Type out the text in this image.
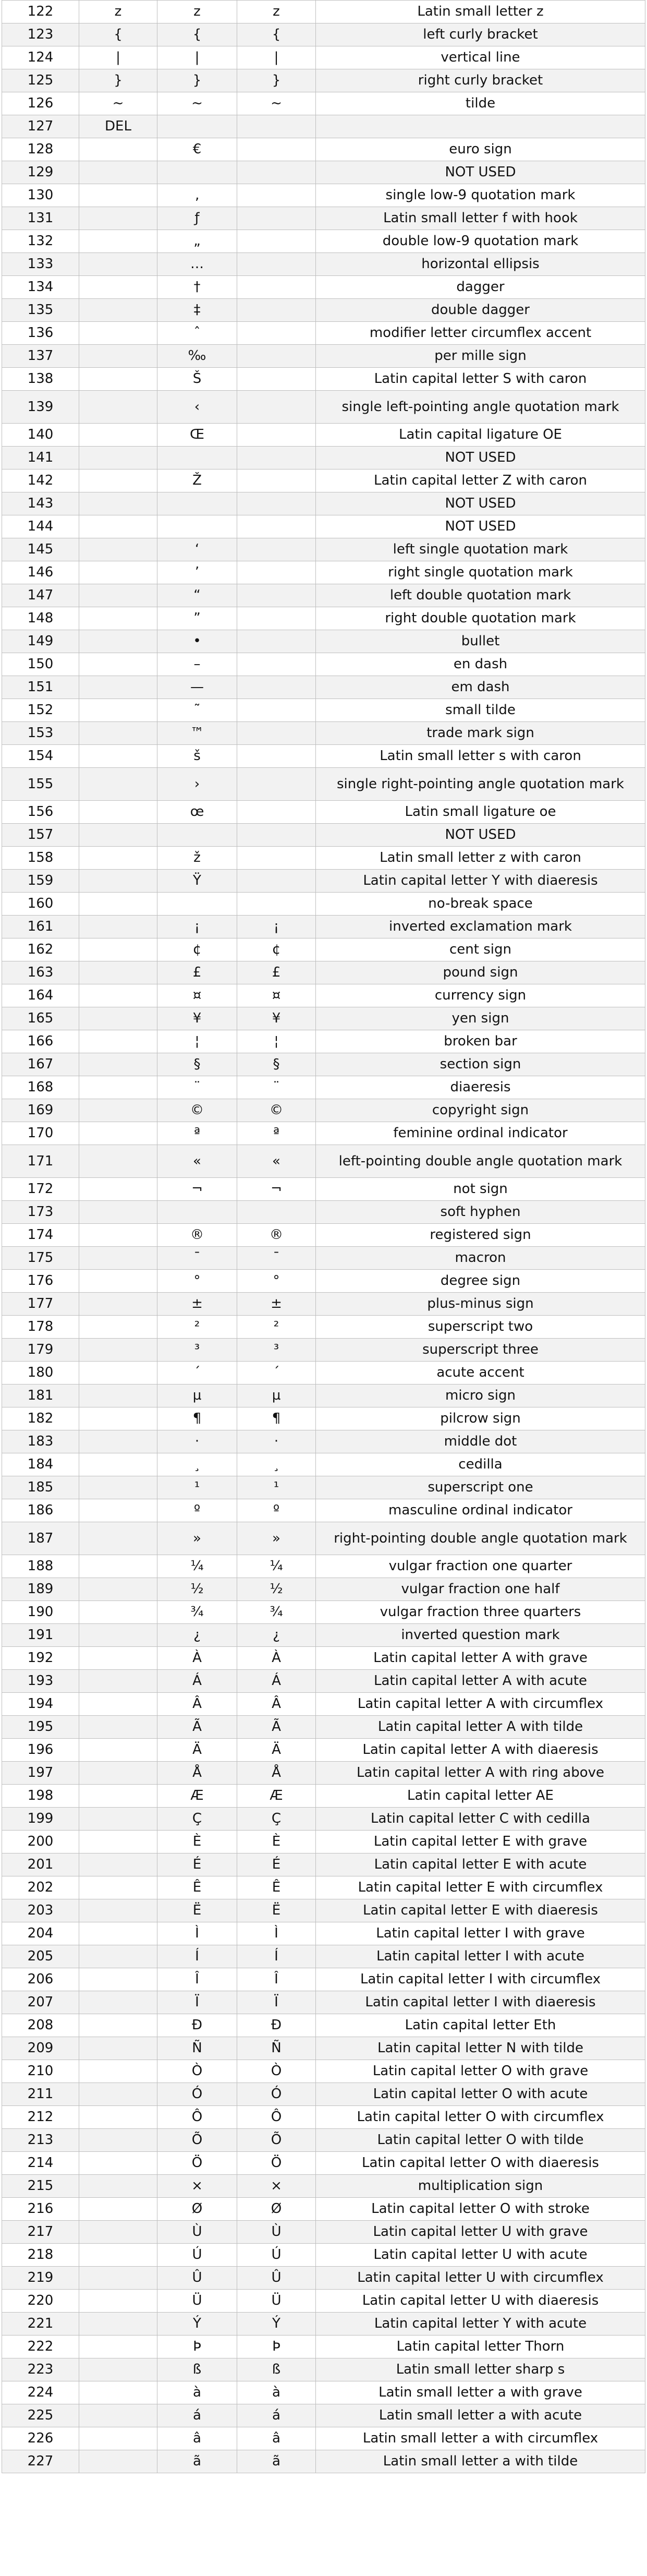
122	z	z	z	Latin small letter z
123	{	{	{	left curly bracket
124	|	|	|	vertical line
125	}	}	}	right curly bracket
126	~	~	~	tilde
127	DEL			
128		€		euro sign
129				NOT USED
130		‚		single low-9 quotation mark
131		ƒ		Latin small letter f with hook
132		„		double low-9 quotation mark
133		…		horizontal ellipsis
134		†		dagger
135		‡		double dagger
136		ˆ		modifier letter circumflex accent
137		‰		per mille sign
138		Š		Latin capital letter S with caron
139		‹		single left-pointing angle quotation mark
140		Œ		Latin capital ligature OE
141				NOT USED
142		Ž		Latin capital letter Z with caron
143				NOT USED
144				NOT USED
145		‘		left single quotation mark
146		’		right single quotation mark
147		“		left double quotation mark
148		”		right double quotation mark
149		•		bullet
150		–		en dash
151		—		em dash
152		˜		small tilde
153		™		trade mark sign
154		š		Latin small letter s with caron
155		›		single right-pointing angle quotation mark
156		œ		Latin small ligature oe
157				NOT USED
158		ž		Latin small letter z with caron
159		Ÿ		Latin capital letter Y with diaeresis
160				no-break space
161		¡	¡	inverted exclamation mark
162		¢	¢	cent sign
163		£	£	pound sign
164		¤	¤	currency sign
165		¥	¥	yen sign
166		¦	¦	broken bar
167		§	§	section sign
168		¨	¨	diaeresis
169		©	©	copyright sign
170		ª	ª	feminine ordinal indicator
171		«	«	left-pointing double angle quotation mark
172		¬	¬	not sign
173				soft hyphen
174		®	®	registered sign
175		¯	¯	macron
176		°	°	degree sign
177		±	±	plus-minus sign
178		²	²	superscript two
179		³	³	superscript three
180		´	´	acute accent
181		µ	µ	micro sign
182		¶	¶	pilcrow sign
183		·	·	middle dot
184		¸	¸	cedilla
185		¹	¹	superscript one
186		º	º	masculine ordinal indicator
187		»	»	right-pointing double angle quotation mark
188		¼	¼	vulgar fraction one quarter
189		½	½	vulgar fraction one half
190		¾	¾	vulgar fraction three quarters
191		¿	¿	inverted question mark
192		À	À	Latin capital letter A with grave
193		Á	Á	Latin capital letter A with acute
194		Â	Â	Latin capital letter A with circumflex
195		Ã	Ã	Latin capital letter A with tilde
196		Ä	Ä	Latin capital letter A with diaeresis
197		Å	Å	Latin capital letter A with ring above
198		Æ	Æ	Latin capital letter AE
199		Ç	Ç	Latin capital letter C with cedilla
200		È	È	Latin capital letter E with grave
201		É	É	Latin capital letter E with acute
202		Ê	Ê	Latin capital letter E with circumflex
203		Ë	Ë	Latin capital letter E with diaeresis
204		Ì	Ì	Latin capital letter I with grave
205		Í	Í	Latin capital letter I with acute
206		Î	Î	Latin capital letter I with circumflex
207		Ï	Ï	Latin capital letter I with diaeresis
208		Ð	Ð	Latin capital letter Eth
209		Ñ	Ñ	Latin capital letter N with tilde
210		Ò	Ò	Latin capital letter O with grave
211		Ó	Ó	Latin capital letter O with acute
212		Ô	Ô	Latin capital letter O with circumflex
213		Õ	Õ	Latin capital letter O with tilde
214		Ö	Ö	Latin capital letter O with diaeresis
215		×	×	multiplication sign
216		Ø	Ø	Latin capital letter O with stroke
217		Ù	Ù	Latin capital letter U with grave
218		Ú	Ú	Latin capital letter U with acute
219		Û	Û	Latin capital letter U with circumflex
220		Ü	Ü	Latin capital letter U with diaeresis
221		Ý	Ý	Latin capital letter Y with acute
222		Þ	Þ	Latin capital letter Thorn
223		ß	ß	Latin small letter sharp s
224		à	à	Latin small letter a with grave
225		á	á	Latin small letter a with acute
226		â	â	Latin small letter a with circumflex
227		ã	ã	Latin small letter a with tilde
